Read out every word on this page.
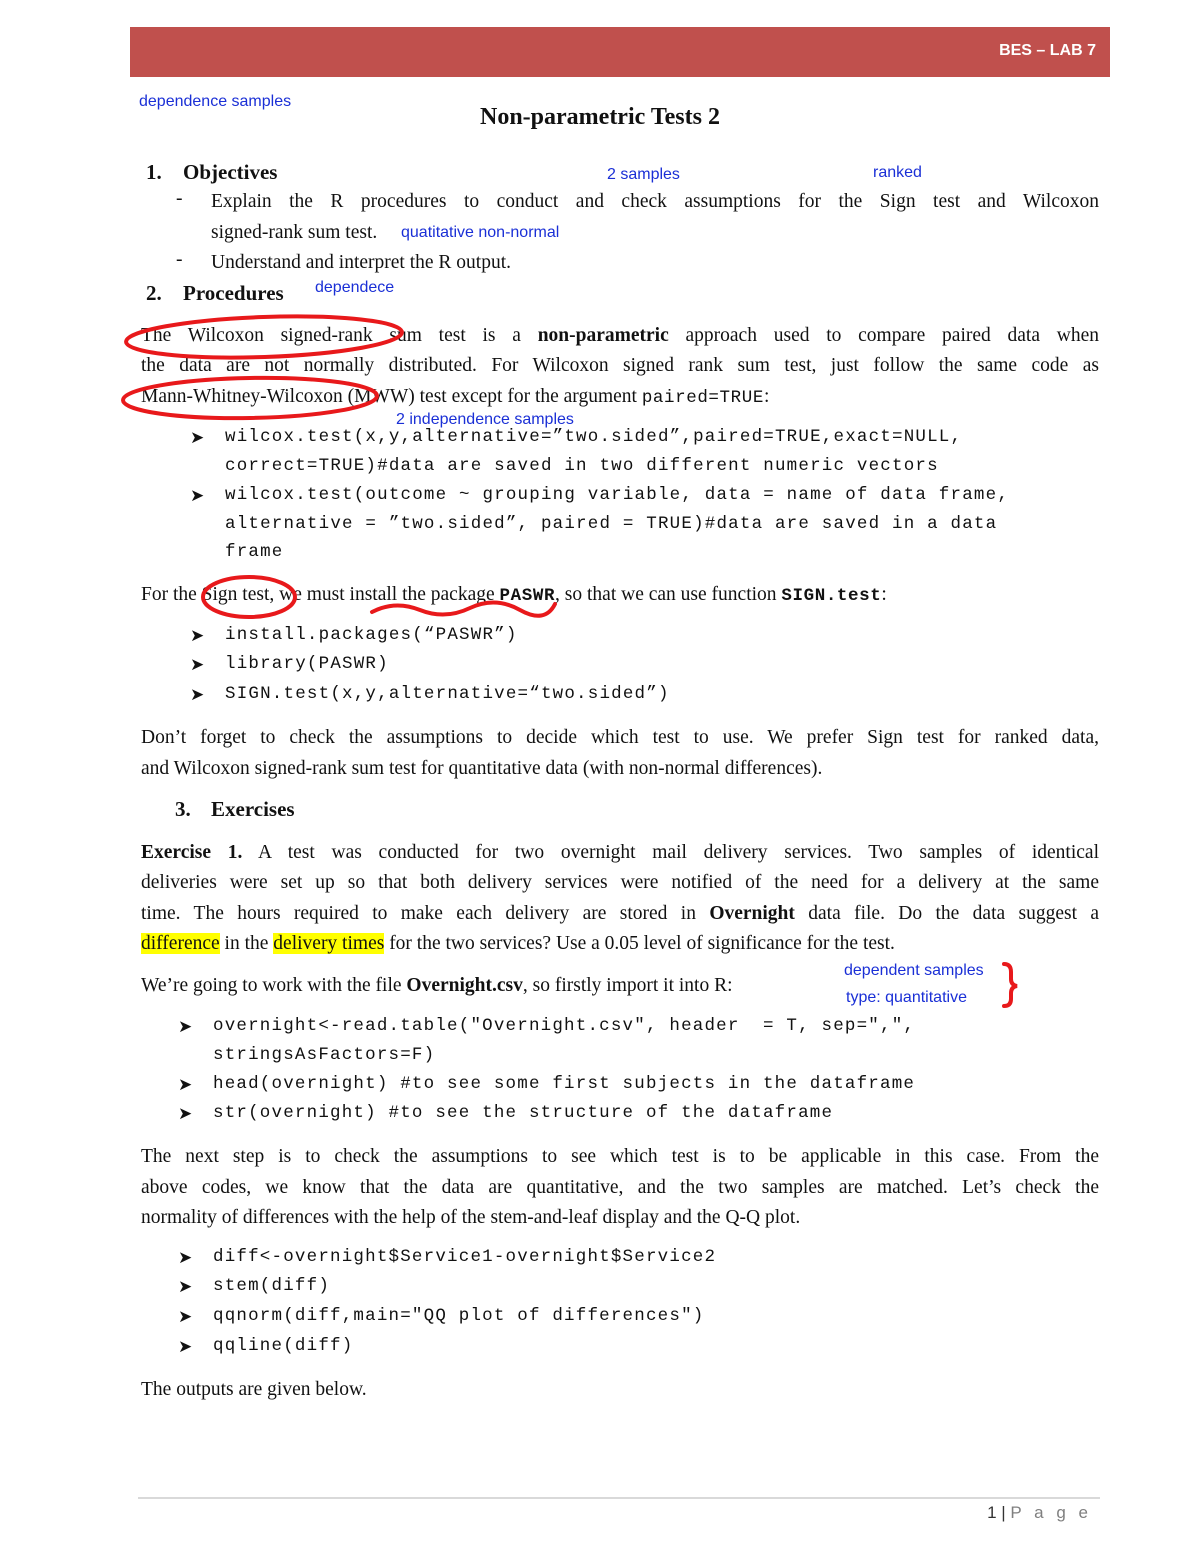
BES – LAB 7
Non-parametric Tests 2
1. Objectives
- Explain the R procedures to conduct and check assumptions for the Sign test and Wilcoxon
signed-rank sum test.
- Understand and interpret the R output.
2. Procedures
The Wilcoxon signed-rank sum test is a non-parametric approach used to compare paired data when
the data are not normally distributed. For Wilcoxon signed rank sum test, just follow the same code as
Mann-Whitney-Wilcoxon (MWW) test except for the argument paired=TRUE:
➤ wilcox.test(x,y,alternative=”two.sided”,paired=TRUE,exact=NULL,
correct=TRUE)#data are saved in two different numeric vectors
➤ wilcox.test(outcome ~ grouping variable, data = name of data frame,
alternative = ”two.sided”, paired = TRUE)#data are saved in a data
frame
For the Sign test, we must install the package PASWR, so that we can use function SIGN.test:
➤ install.packages(“PASWR”)
➤ library(PASWR)
➤ SIGN.test(x,y,alternative=“two.sided”)
Don’t forget to check the assumptions to decide which test to use. We prefer Sign test for ranked data,
and Wilcoxon signed-rank sum test for quantitative data (with non-normal differences).
3. Exercises
Exercise 1. A test was conducted for two overnight mail delivery services. Two samples of identical
deliveries were set up so that both delivery services were notified of the need for a delivery at the same
time. The hours required to make each delivery are stored in Overnight data file. Do the data suggest a
difference in the delivery times for the two services? Use a 0.05 level of significance for the test.
We’re going to work with the file Overnight.csv, so firstly import it into R:
➤ overnight<-read.table("Overnight.csv", header  = T, sep=",",
stringsAsFactors=F)
➤ head(overnight) #to see some first subjects in the dataframe
➤ str(overnight) #to see the structure of the dataframe
The next step is to check the assumptions to see which test is to be applicable in this case. From the
above codes, we know that the data are quantitative, and the two samples are matched. Let’s check the
normality of differences with the help of the stem-and-leaf display and the Q-Q plot.
➤ diff<-overnight$Service1-overnight$Service2
➤ stem(diff)
➤ qqnorm(diff,main="QQ plot of differences")
➤ qqline(diff)
The outputs are given below.
dependence samples
2 samples	ranked
quatitative non-normal
dependece
2 independence samples
dependent samples
type: quantitative
1 | P a g e
